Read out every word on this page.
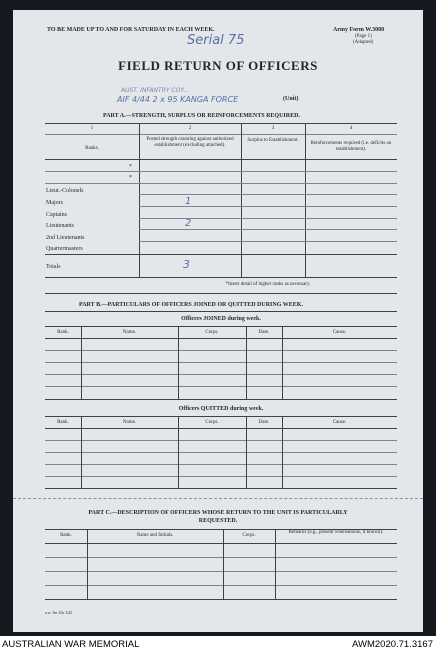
TO BE MADE UP TO AND FOR SATURDAY IN EACH WEEK.	Army Form W.3008
(Page 1)
(Adapted)
Serial 75
FIELD RETURN OF OFFICERS
AUST. INFANTRY COY...
AIF 4/44 2 x 95 KANGA FORCE	(Unit)
PART A.—STRENGTH, SURPLUS OR REINFORCEMENTS REQUIRED.
1	2	3	4
Ranks.
Posted strength counting against authorized establishment (excluding attached).
Surplus to Establishment.
Reinforcements required (i.e. deficits on establishment).
*
*
Lieut.-Colonels
Majors	1
Captains
Lieutenants	2
2nd Lieutenants
Quartermasters
Totals	3
*Insert detail of higher ranks as necessary.
PART B.—PARTICULARS OF OFFICERS JOINED OR QUITTED DURING WEEK.
Officers JOINED during week.
Rank.	Name.	Corps.	Date.	Cause.
Officers QUITTED during week.
Rank.	Name.	Corps.	Date.	Cause.
PART C.—DESCRIPTION OF OFFICERS WHOSE RETURN TO THE UNIT IS PARTICULARLY
REQUESTED.
Rank.	Name and Initials.	Corps.
Remarks (e.g., present whereabouts, if known).
a.w. 3m 10s 3/42
AUSTRALIAN WAR MEMORIAL	AWM2020.71.3167
